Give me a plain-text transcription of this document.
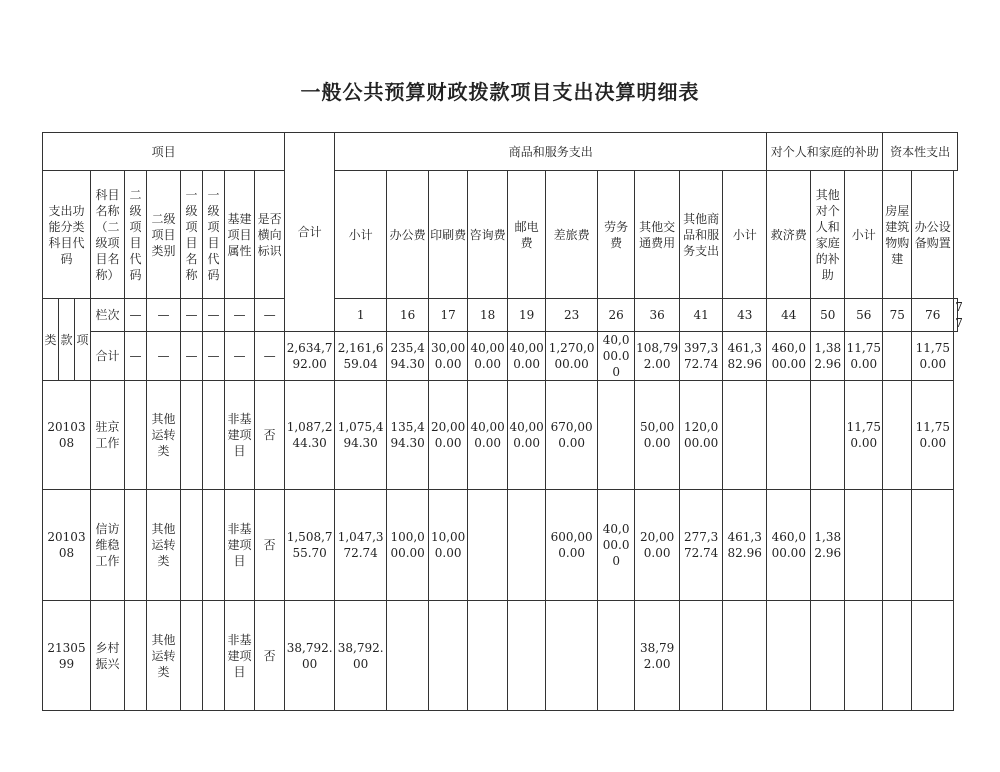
一般公共预算财政拨款项目支出决算明细表
项目										合计	商品和服务支出										对个人和家庭的补助			资本性支出		
支出功能分类科目代码			科目名称（二级项目名称）	二级项目代码	二级项目类别	一级项目名称	一级项目代码	基建项目属性	是否横向标识		小计	办公费	印刷费	咨询费	邮电费	差旅费	劳务费	其他交通费用	其他商品和服务支出	小计	救济费	其他对个人和家庭的补助	小计	房屋建筑物购建	办公设备购置	
类	款	项	栏次	—	—	—	—	—	—		1	16	17	18	19	23	26	36	41	43	44	50	56	75	76	77
			合计	—	—	—	—	—	—	2,634,792.00	2,161,659.04	235,494.30	30,000.00	40,000.00	40,000.00	1,270,000.00	40,000.00	108,792.00	397,372.74	461,382.96	460,000.00	1,382.96	11,750.00		11,750.00	
2010308			驻京工作		其他运转类			非基建项目	否	1,087,244.30	1,075,494.30	135,494.30	20,000.00	40,000.00	40,000.00	670,000.00		50,000.00	120,000.00				11,750.00		11,750.00	
2010308			信访维稳工作		其他运转类			非基建项目	否	1,508,755.70	1,047,372.74	100,000.00	10,000.00			600,000.00	40,000.00	20,000.00	277,372.74	461,382.96	460,000.00	1,382.96				
2130599			乡村振兴		其他运转类			非基建项目	否	38,792.00	38,792.00							38,792.00								
